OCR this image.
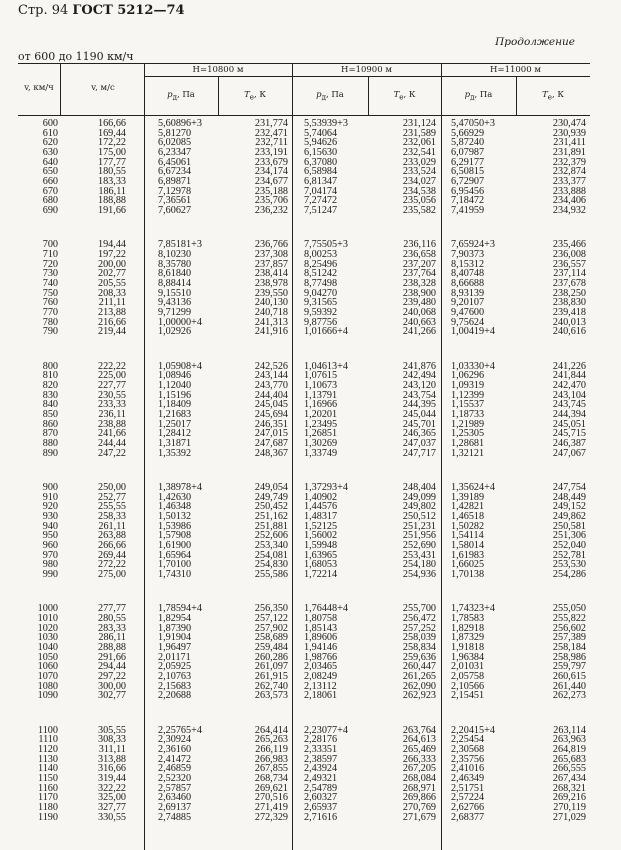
Стр. 94 ГОСТ 5212—74
Продолжение
от 600 до 1190 км/ч
v, км/ч	v, м/с
H=10800 м	H=10900 м	H=11000 м
$p_д$, Па	$T_e$, К	$p_д$, Па	$T_e$, К	$p_д$, Па	$T_e$, К
600	166,66	5,60896+3	231,774	5,53939+3	231,124	5,47050+3	230,474
610	169,44	5,81270	232,471	5,74064	231,589	5,66929	230,939
620	172,22	6,02085	232,711	5,94626	232,061	5,87240	231,411
630	175,00	6,23347	233,191	6,15630	232,541	6,07987	231,891
640	177,77	6,45061	233,679	6,37080	233,029	6,29177	232,379
650	180,55	6,67234	234,174	6,58984	233,524	6,50815	232,874
660	183,33	6,89871	234,677	6,81347	234,027	6,72907	233,377
670	186,11	7,12978	235,188	7,04174	234,538	6,95456	233,888
680	188,88	7,36561	235,706	7,27472	235,056	7,18472	234,406
690	191,66	7,60627	236,232	7,51247	235,582	7,41959	234,932
700	194,44	7,85181+3	236,766	7,75505+3	236,116	7,65924+3	235,466
710	197,22	8,10230	237,308	8,00253	236,658	7,90373	236,008
720	200,00	8,35780	237,857	8,25496	237,207	8,15312	236,557
730	202,77	8,61840	238,414	8,51242	237,764	8,40748	237,114
740	205,55	8,88414	238,978	8,77498	238,328	8,66688	237,678
750	208,33	9,15510	239,550	9,04270	238,900	8,93139	238,250
760	211,11	9,43136	240,130	9,31565	239,480	9,20107	238,830
770	213,88	9,71299	240,718	9,59392	240,068	9,47600	239,418
780	216,66	1,00000+4	241,313	9,87756	240,663	9,75624	240,013
790	219,44	1,02926	241,916	1,01666+4	241,266	1,00419+4	240,616
800	222,22	1,05908+4	242,526	1,04613+4	241,876	1,03330+4	241,226
810	225,00	1,08946	243,144	1,07615	242,494	1,06296	241,844
820	227,77	1,12040	243,770	1,10673	243,120	1,09319	242,470
830	230,55	1,15196	244,404	1,13791	243,754	1,12399	243,104
840	233,33	1,18409	245,045	1,16966	244,395	1,15537	243,745
850	236,11	1,21683	245,694	1,20201	245,044	1,18733	244,394
860	238,88	1,25017	246,351	1,23495	245,701	1,21989	245,051
870	241,66	1,28412	247,015	1,26851	246,365	1,25305	245,715
880	244,44	1,31871	247,687	1,30269	247,037	1,28681	246,387
890	247,22	1,35392	248,367	1,33749	247,717	1,32121	247,067
900	250,00	1,38978+4	249,054	1,37293+4	248,404	1,35624+4	247,754
910	252,77	1,42630	249,749	1,40902	249,099	1,39189	248,449
920	255,55	1,46348	250,452	1,44576	249,802	1,42821	249,152
930	258,33	1,50132	251,162	1,48317	250,512	1,46518	249,862
940	261,11	1,53986	251,881	1,52125	251,231	1,50282	250,581
950	263,88	1,57908	252,606	1,56002	251,956	1,54114	251,306
960	266,66	1,61900	253,340	1,59948	252,690	1,58014	252,040
970	269,44	1,65964	254,081	1,63965	253,431	1,61983	252,781
980	272,22	1,70100	254,830	1,68053	254,180	1,66025	253,530
990	275,00	1,74310	255,586	1,72214	254,936	1,70138	254,286
1000	277,77	1,78594+4	256,350	1,76448+4	255,700	1,74323+4	255,050
1010	280,55	1,82954	257,122	1,80758	256,472	1,78583	255,822
1020	283,33	1,87390	257,902	1,85143	257,252	1,82918	256,602
1030	286,11	1,91904	258,689	1,89606	258,039	1,87329	257,389
1040	288,88	1,96497	259,484	1,94146	258,834	1,91818	258,184
1050	291,66	2,01171	260,286	1,98766	259,636	1,96384	258,986
1060	294,44	2,05925	261,097	2,03465	260,447	2,01031	259,797
1070	297,22	2,10763	261,915	2,08249	261,265	2,05758	260,615
1080	300,00	2,15683	262,740	2,13112	262,090	2,10566	261,440
1090	302,77	2,20688	263,573	2,18061	262,923	2,15451	262,273
1100	305,55	2,25765+4	264,414	2,23077+4	263,764	2,20415+4	263,114
1110	308,33	2,30924	265,263	2,28176	264,613	2,25454	263,963
1120	311,11	2,36160	266,119	2,33351	265,469	2,30568	264,819
1130	313,88	2,41472	266,983	2,38597	266,333	2,35756	265,683
1140	316,66	2,46859	267,855	2,43924	267,205	2,41016	266,555
1150	319,44	2,52320	268,734	2,49321	268,084	2,46349	267,434
1160	322,22	2,57857	269,621	2,54789	268,971	2,51751	268,321
1170	325,00	2,63460	270,516	2,60327	269,866	2,57224	269,216
1180	327,77	2,69137	271,419	2,65937	270,769	2,62766	270,119
1190	330,55	2,74885	272,329	2,71616	271,679	2,68377	271,029
